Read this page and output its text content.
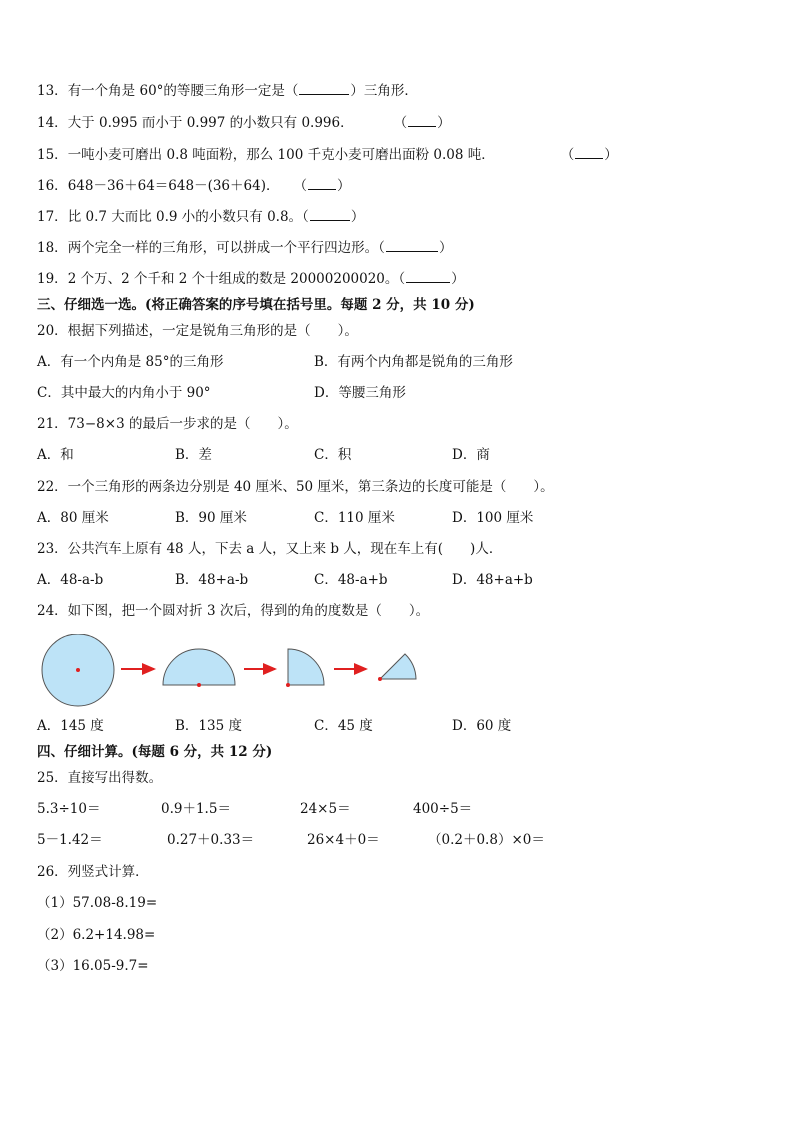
13．有一个角是 60°的等腰三角形一定是（	）三角形．
14．大于 0.995 而小于 0.997 的小数只有 0.996．	（ ）
15．一吨小麦可磨出 0.8 吨面粉，那么 100 千克小麦可磨出面粉 0.08 吨．	（ ）
16．648－36＋64＝648－(36＋64)． （ ）
17．比 0.7 大而比 0.9 小的小数只有 0.8。（	）
18．两个完全一样的三角形，可以拼成一个平行四边形。（	）
19．2 个万、2 个千和 2 个十组成的数是 20000200020。（	）
三、仔细选一选。(将正确答案的序号填在括号里。每题 2 分，共 10 分)
20．根据下列描述，一定是锐角三角形的是（　　）。
A．有一个内角是 85°的三角形	B．有两个内角都是锐角的三角形
C．其中最大的内角小于 90°	D．等腰三角形
21．73−8×3 的最后一步求的是（　　）。
A．和	B．差	C．积	D．商
22．一个三角形的两条边分别是 40 厘米、50 厘米，第三条边的长度可能是（　　）。
A．80 厘米	B．90 厘米	C．110 厘米	D．100 厘米
23．公共汽车上原有 48 人，下去 a 人，又上来 b 人，现在车上有(　　)人．
A．48-a-b	B．48+a-b	C．48-a+b	D．48+a+b
24．如下图，把一个圆对折 3 次后，得到的角的度数是（　　）。
A．145 度	B．135 度	C．45 度	D．60 度
四、仔细计算。(每题 6 分，共 12 分)
25．直接写出得数。
5.3÷10＝	0.9＋1.5＝	24×5＝	400÷5＝
5－1.42＝	0.27＋0.33＝	26×4＋0＝	（0.2＋0.8）×0＝
26．列竖式计算．
（1）57.08-8.19=
（2）6.2+14.98=
（3）16.05-9.7=
